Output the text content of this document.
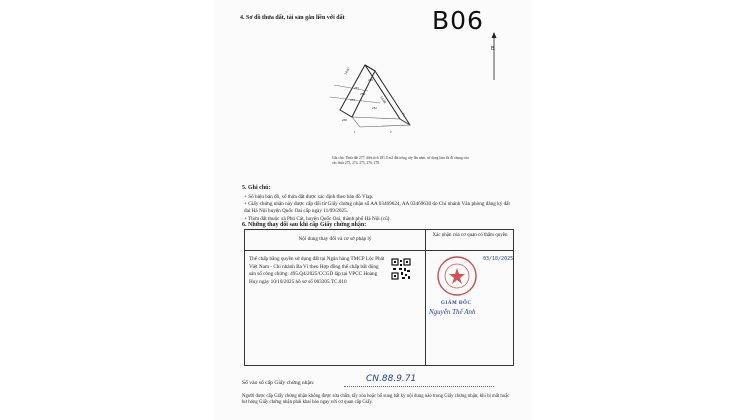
4. Sơ đồ thửa đất, tài sản gắn liền với đất	B06
B
14.97
14.68
235
234
233
239
232
230
5
2
1
Ghi chú: Thửa đất 277, diện tích 281.0 m2 đất trồng cây lâu năm, sử dụng làm lối đi chung của các thửa 273, 274, 275, 276, 278.
5. Ghi chú:
+ Số hiệu bản đồ, số thửa đất được xác định theo bản đồ Vlap.
+ Giấy chứng nhận này được cấp đổi từ Giấy chứng nhận số AA 03469624, AA 03469630 do Chi nhánh Văn phòng đăng ký đất đai Hà Nội huyện Quốc Oai cấp ngày 11/09/2025.
+ Thửa đất thuộc xã Phú Cát, huyện Quốc Oai, thành phố Hà Nội (cũ).
6. Những thay đổi sau khi cấp Giấy chứng nhận:
Nội dung thay đổi và cơ sở pháp lý
Xác nhận của cơ quan có thẩm quyền
Thế chấp bằng quyền sử dụng đất tại Ngân hàng TMCP Lộc Phát Việt Nam - Chi nhánh Ba Vì theo Hợp đồng thế chấp bất động sản số công chứng: 495.Q4/2025/CCGD lập tại VPCC Hoàng Huy ngày 10/10/2025 hồ sơ số 003305.TC.010
03/10/2025
GIÁM ĐỐC
Nguyễn Thế Anh
Số vào sổ cấp Giấy chứng nhận:	CN.88.9.71
Người được cấp Giấy chứng nhận không được sửa chữa, tẩy xóa hoặc bổ sung bất kỳ nội dung nào trong Giấy chứng nhận; khi bị mất hoặc hư hỏng Giấy chứng nhận phải khai báo ngay với cơ quan cấp Giấy.
